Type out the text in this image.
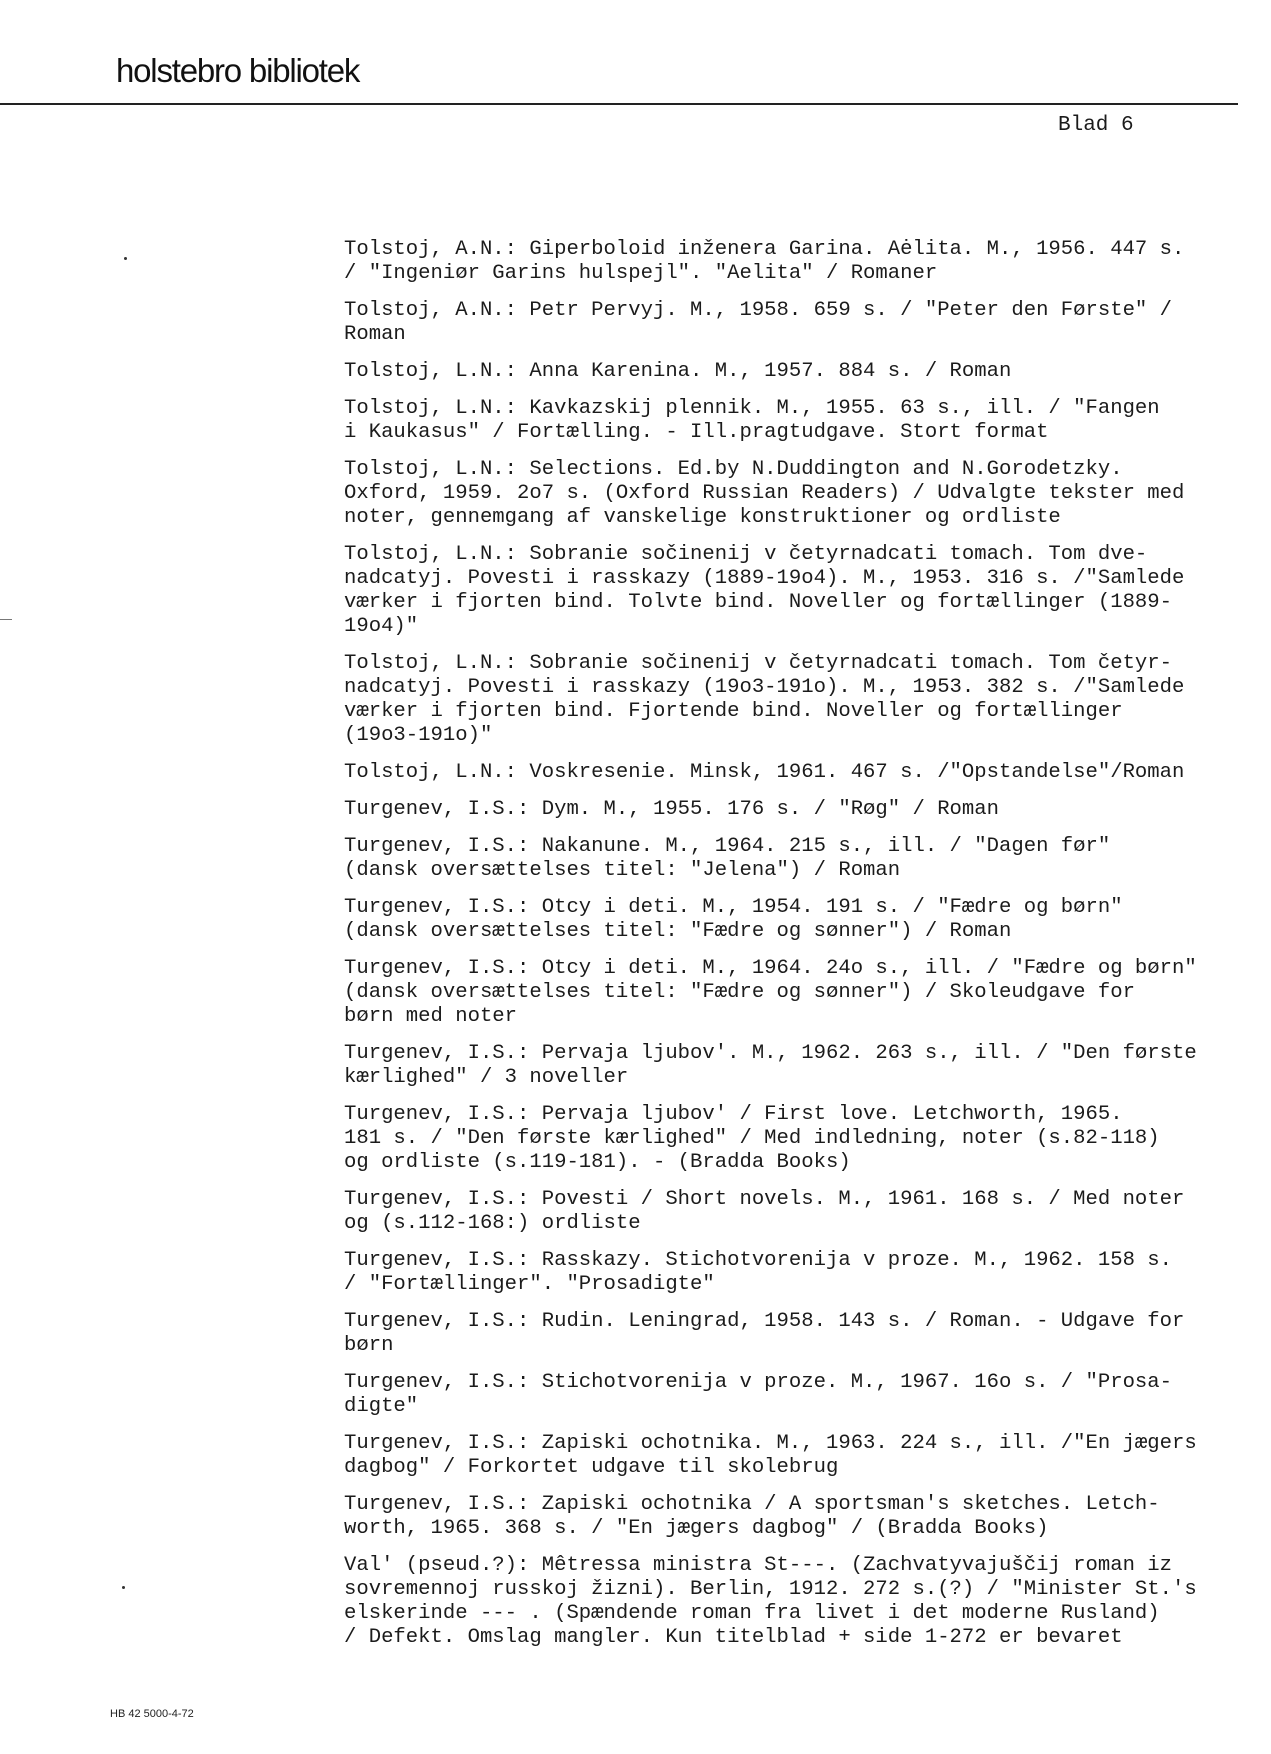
holstebro bibliotek
Blad 6

Tolstoj, A.N.: Giperboloid inženera Garina. Aėlita. M., 1956. 447 s.
/ "Ingeniør Garins hulspejl". "Aelita" / Romaner

Tolstoj, A.N.: Petr Pervyj. M., 1958. 659 s. / "Peter den Første" /
Roman

Tolstoj, L.N.: Anna Karenina. M., 1957. 884 s. / Roman

Tolstoj, L.N.: Kavkazskij plennik. M., 1955. 63 s., ill. / "Fangen
i Kaukasus" / Fortælling. - Ill.pragtudgave. Stort format

Tolstoj, L.N.: Selections. Ed.by N.Duddington and N.Gorodetzky.
Oxford, 1959. 2o7 s. (Oxford Russian Readers) / Udvalgte tekster med
noter, gennemgang af vanskelige konstruktioner og ordliste

Tolstoj, L.N.: Sobranie sočinenij v četyrnadcati tomach. Tom dve-
nadcatyj. Povesti i rasskazy (1889-19o4). M., 1953. 316 s. /"Samlede
værker i fjorten bind. Tolvte bind. Noveller og fortællinger (1889-
19o4)"

Tolstoj, L.N.: Sobranie sočinenij v četyrnadcati tomach. Tom četyr-
nadcatyj. Povesti i rasskazy (19o3-191o). M., 1953. 382 s. /"Samlede
værker i fjorten bind. Fjortende bind. Noveller og fortællinger
(19o3-191o)"

Tolstoj, L.N.: Voskresenie. Minsk, 1961. 467 s. /"Opstandelse"/Roman

Turgenev, I.S.: Dym. M., 1955. 176 s. / "Røg" / Roman

Turgenev, I.S.: Nakanune. M., 1964. 215 s., ill. / "Dagen før"
(dansk oversættelses titel: "Jelena") / Roman

Turgenev, I.S.: Otcy i deti. M., 1954. 191 s. / "Fædre og børn"
(dansk oversættelses titel: "Fædre og sønner") / Roman

Turgenev, I.S.: Otcy i deti. M., 1964. 24o s., ill. / "Fædre og børn"
(dansk oversættelses titel: "Fædre og sønner") / Skoleudgave for
børn med noter

Turgenev, I.S.: Pervaja ljubov'. M., 1962. 263 s., ill. / "Den første
kærlighed" / 3 noveller

Turgenev, I.S.: Pervaja ljubov' / First love. Letchworth, 1965.
181 s. / "Den første kærlighed" / Med indledning, noter (s.82-118)
og ordliste (s.119-181). - (Bradda Books)

Turgenev, I.S.: Povesti / Short novels. M., 1961. 168 s. / Med noter
og (s.112-168:) ordliste

Turgenev, I.S.: Rasskazy. Stichotvorenija v proze. M., 1962. 158 s.
/ "Fortællinger". "Prosadigte"

Turgenev, I.S.: Rudin. Leningrad, 1958. 143 s. / Roman. - Udgave for
børn

Turgenev, I.S.: Stichotvorenija v proze. M., 1967. 16o s. / "Prosa-
digte"

Turgenev, I.S.: Zapiski ochotnika. M., 1963. 224 s., ill. /"En jægers
dagbog" / Forkortet udgave til skolebrug

Turgenev, I.S.: Zapiski ochotnika / A sportsman's sketches. Letch-
worth, 1965. 368 s. / "En jægers dagbog" / (Bradda Books)

Val' (pseud.?): Mêtressa ministra St---. (Zachvatyvajuščij roman iz
sovremennoj russkoj žizni). Berlin, 1912. 272 s.(?) / "Minister St.'s
elskerinde --- . (Spændende roman fra livet i det moderne Rusland)
/ Defekt. Omslag mangler. Kun titelblad + side 1-272 er bevaret

HB 42 5000-4-72
